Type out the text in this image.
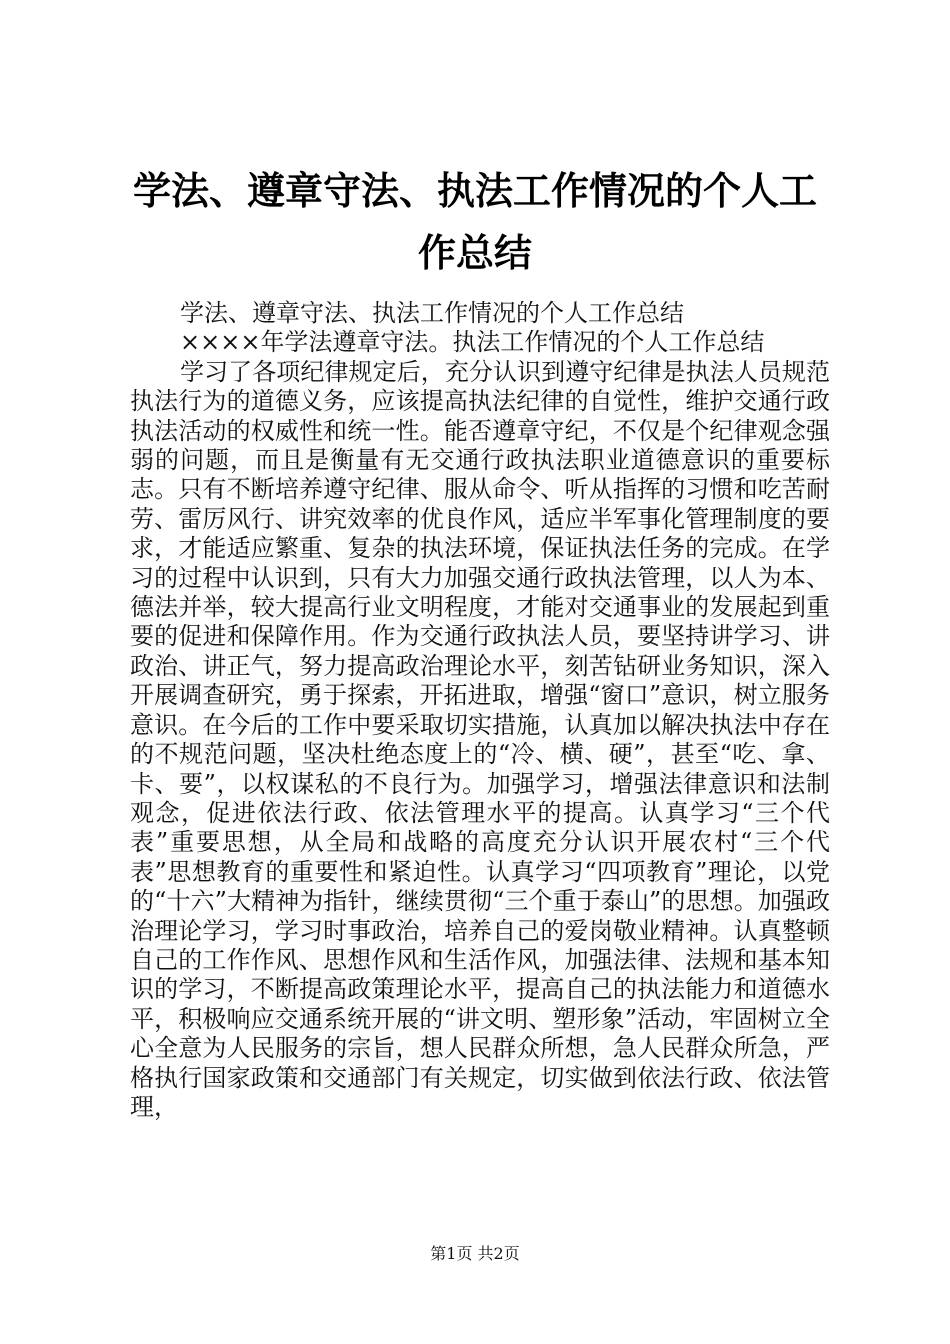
学法、遵章守法、执法工作情况的个人工作总结

学法、遵章守法、执法工作情况的个人工作总结

××××年学法遵章守法。执法工作情况的个人工作总结

学习了各项纪律规定后，充分认识到遵守纪律是执法人员规范执法行为的道德义务，应该提高执法纪律的自觉性，维护交通行政执法活动的权威性和统一性。能否遵章守纪，不仅是个纪律观念强弱的问题，而且是衡量有无交通行政执法职业道德意识的重要标志。只有不断培养遵守纪律、服从命令、听从指挥的习惯和吃苦耐劳、雷厉风行、讲究效率的优良作风，适应半军事化管理制度的要求，才能适应繁重、复杂的执法环境，保证执法任务的完成。在学习的过程中认识到，只有大力加强交通行政执法管理，以人为本、德法并举，较大提高行业文明程度，才能对交通事业的发展起到重要的促进和保障作用。作为交通行政执法人员，要坚持讲学习、讲政治、讲正气，努力提高政治理论水平，刻苦钻研业务知识，深入开展调查研究，勇于探索，开拓进取，增强“窗口”意识，树立服务意识。在今后的工作中要采取切实措施，认真加以解决执法中存在的不规范问题，坚决杜绝态度上的“冷、横、硬”，甚至“吃、拿、卡、要”，以权谋私的不良行为。加强学习，增强法律意识和法制观念，促进依法行政、依法管理水平的提高。认真学习“三个代表”重要思想，从全局和战略的高度充分认识开展农村“三个代表”思想教育的重要性和紧迫性。认真学习“四项教育”理论，以党的“十六”大精神为指针，继续贯彻“三个重于泰山”的思想。加强政治理论学习，学习时事政治，培养自己的爱岗敬业精神。认真整顿自己的工作作风、思想作风和生活作风，加强法律、法规和基本知识的学习，不断提高政策理论水平，提高自己的执法能力和道德水平，积极响应交通系统开展的“讲文明、塑形象”活动，牢固树立全心全意为人民服务的宗旨，想人民群众所想，急人民群众所急，严格执行国家政策和交通部门有关规定，切实做到依法行政、依法管理，

第1页 共2页
